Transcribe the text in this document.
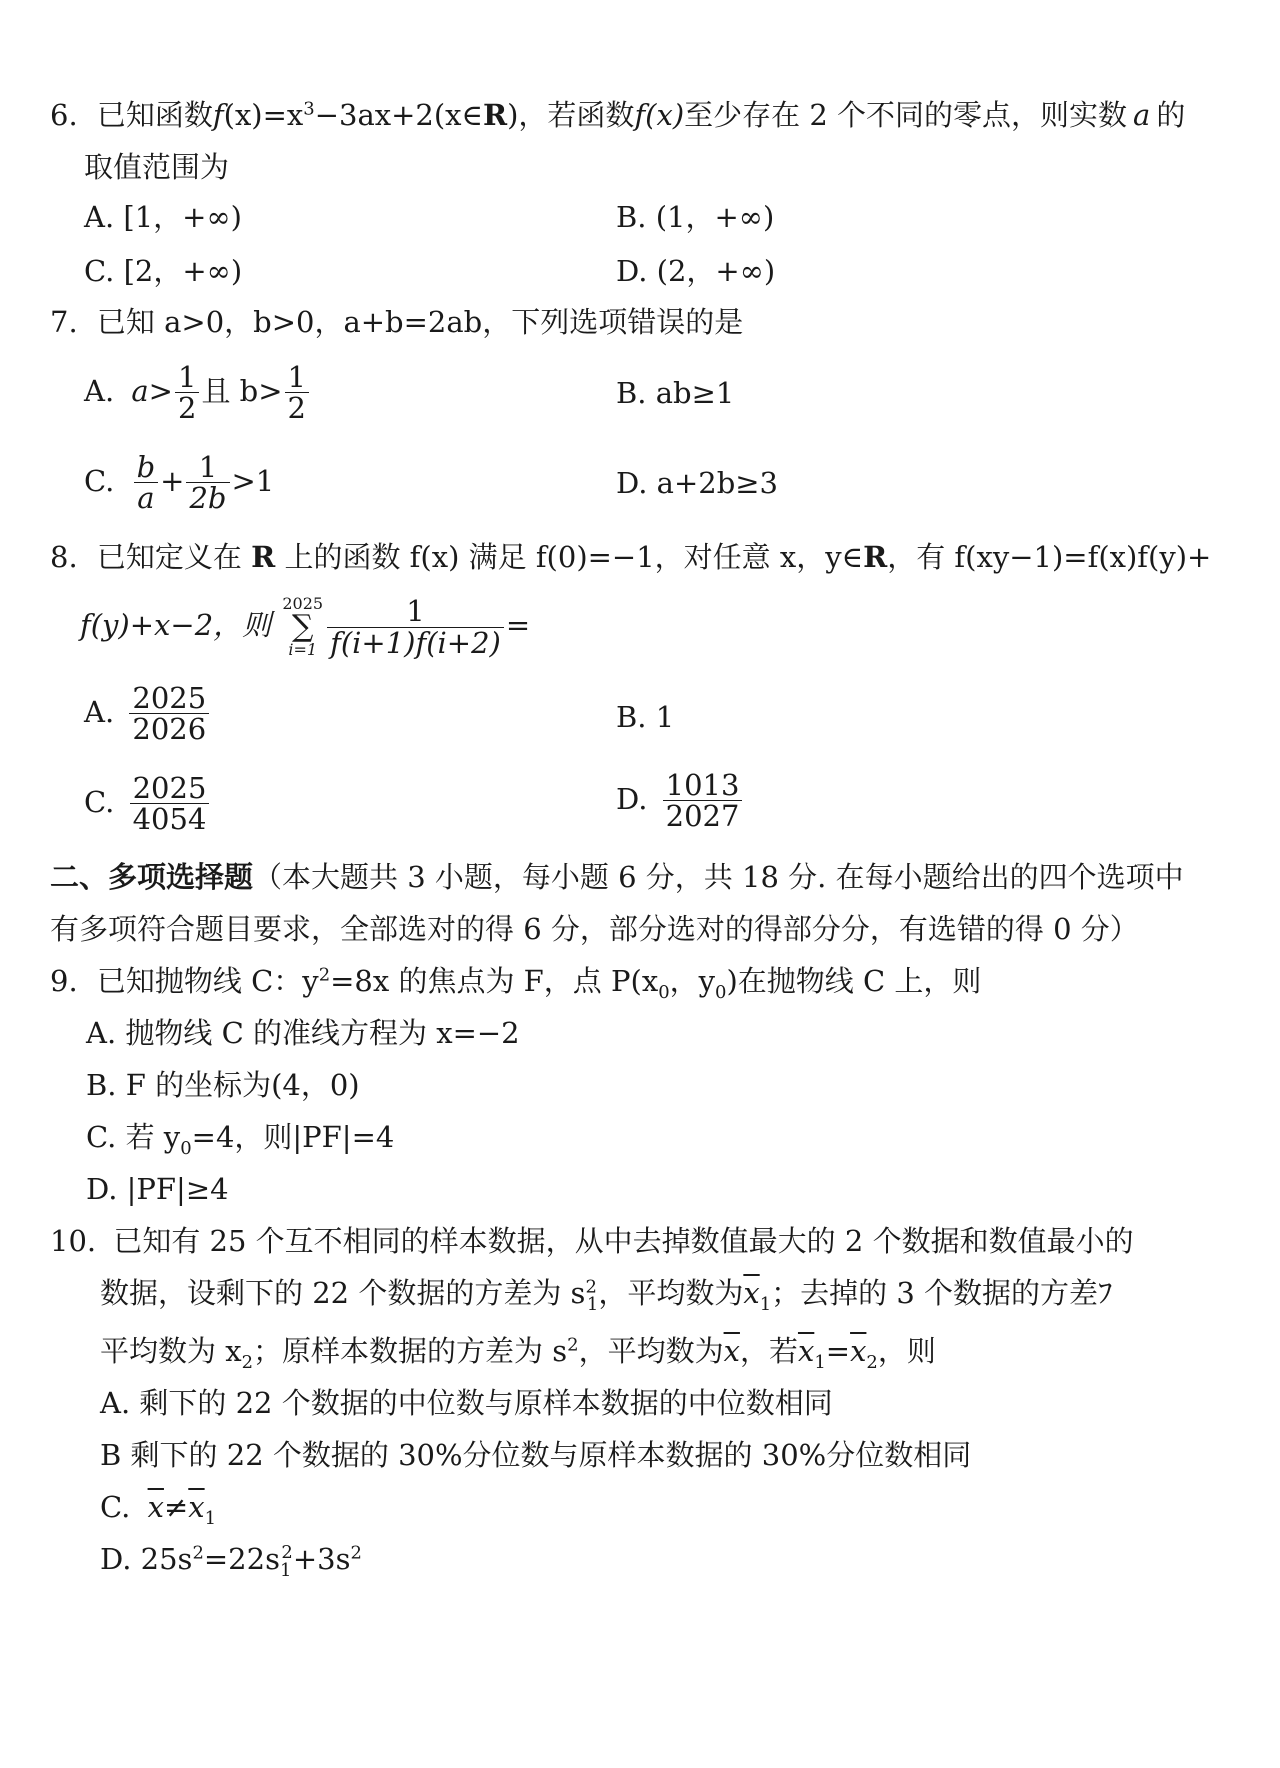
6. 已知函数$f(x)=x^3-3ax+2(x\in R)$，若函数f(x)至少存在 2 个不同的零点，则实数 a 的
取值范围为
A. [1，+∞)	B. (1，+∞)
C. [2，+∞)	D. (2，+∞)
7. 已知 a>0，b>0，a+b=2ab，下列选项错误的是
A. $a> \frac{1}{2}$ 且 $b> \frac{1}{2}$	B. ab≥1
C. $\frac{b}{a} + \frac{1}{2b} >1$	D. a+2b≥3
8. 已知定义在 R 上的函数 f(x) 满足 f(0)=−1，对任意 x，y∈R，有 f(xy−1)=f(x)f(y)+
f(y)+x−2，则 2025
∑
$i=1 \frac{1}{f(i+1)f(i+2)}$ =
A. $\frac{2025}{2026}$	B. 1
C. $\frac{2025}{4054}$	D. $\frac{1013}{2027}$
二、多项选择题（本大题共 3 小题，每小题 6 分，共 18 分. 在每小题给出的四个选项中
有多项符合题目要求，全部选对的得 6 分，部分选对的得部分分，有选错的得 0 分）
9. 已知抛物线 C：$y^2=8x$ 的焦点为 F，点 $P(x_0$，$y_0$)在抛物线 C 上，则
A. 抛物线 C 的准线方程为 x=−2
B. F 的坐标为(4，0)
C. 若 $y_0=4$，则|PF|=4
D. |PF|≥4
10. 已知有 25 个互不相同的样本数据，从中去掉数值最大的 2 个数据和数值最小的
数据，设剩下的 22 个数据的方差为 $s^2_1$，平均数为$\overline{x}_1$；去掉的 3 个数据的方差ﾌ
平均数为 $x_2$；原样本数据的方差为 $s^2$，平均数为$\overline{x}$，若$\overline{x}_1=\overline{x}_2$，则
A. 剩下的 22 个数据的中位数与原样本数据的中位数相同
B 剩下的 22 个数据的 30%分位数与原样本数据的 30%分位数相同
C. $\overline{x}\ne\overline{x}_1$
D. $25s^2=22s_1^2+3s^2$
